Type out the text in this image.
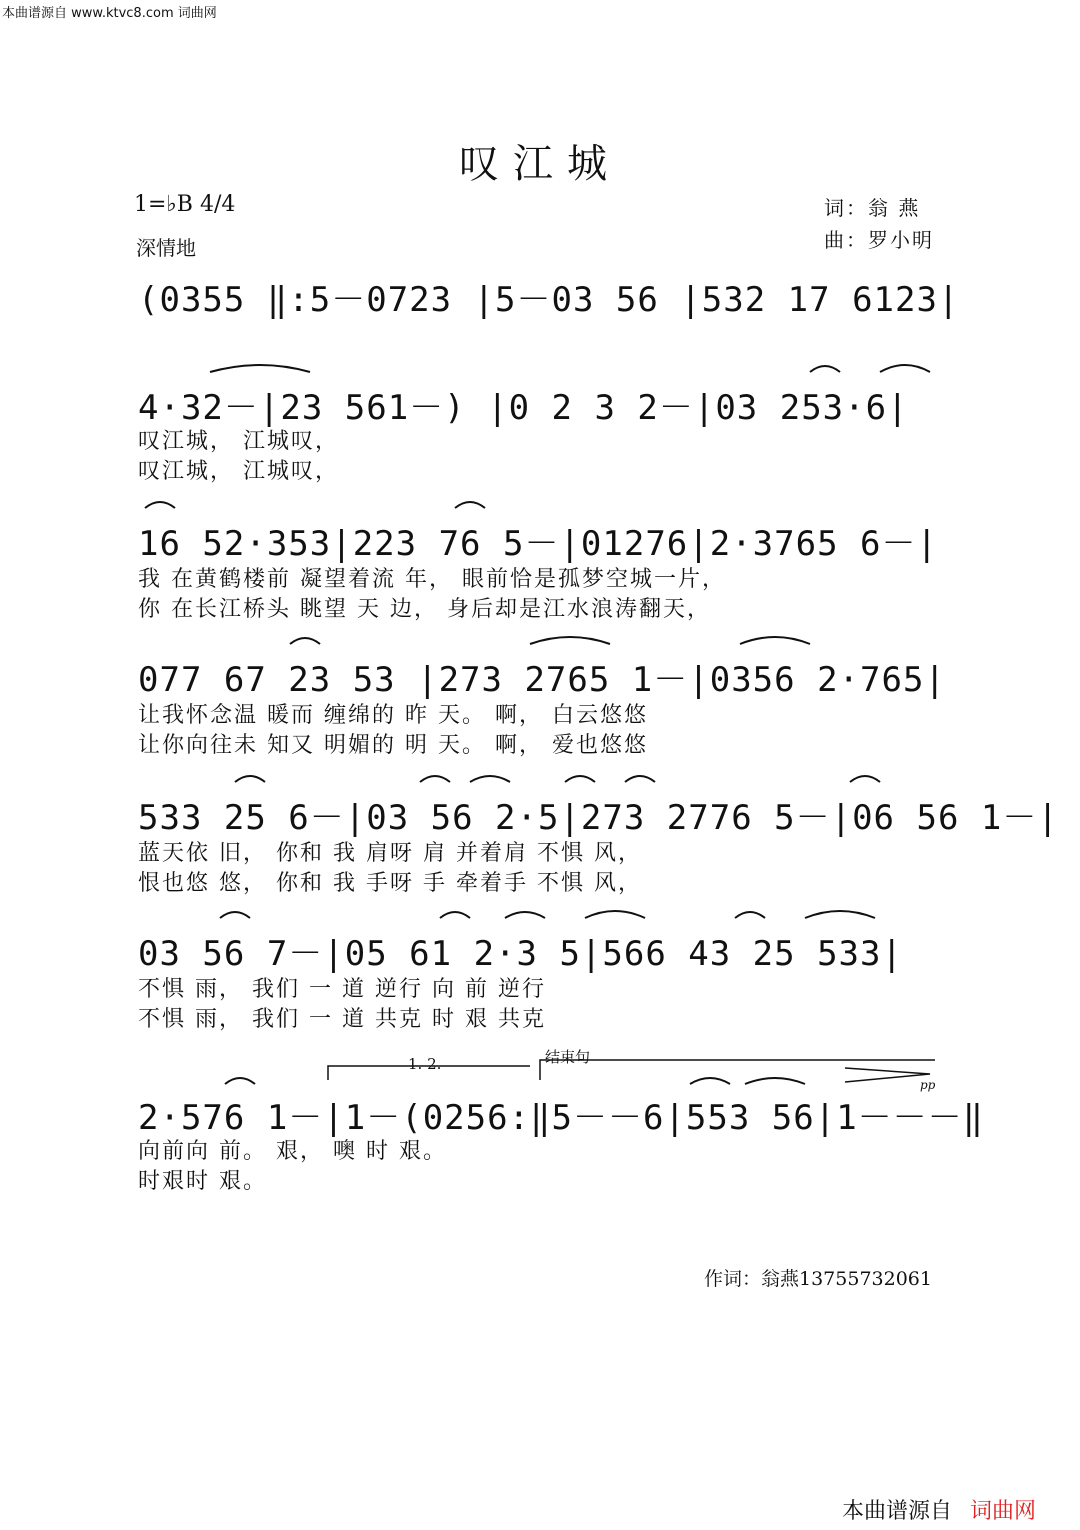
本曲谱源自 www.ktvc8.com 词曲网
叹江城
1=♭B 4/4
深情地
词：翁 燕
曲：罗小明
(0355 ‖:5－0723 |5－03 56 |532 17 6123|
4·32－|23 561－) |0 2 3 2－|03 253·6|
叹江城， 江城叹，
叹江城， 江城叹，
16 52·353|223 76 5－|01276|2·3765 6－|
我 在黄鹤楼前 凝望着流 年， 眼前恰是孤梦空城一片，
你 在长江桥头 眺望 天 边， 身后却是江水浪涛翻天，
077 67 23 53 |273 2765 1－|0356 2·765|
让我怀念温 暖而 缠绵的 昨 天。 啊， 白云悠悠
让你向往未 知又 明媚的 明 天。 啊， 爱也悠悠
533 25 6－|03 56 2·5|273 2776 5－|06 56 1－|
蓝天依 旧， 你和 我 肩呀 肩 并着肩 不惧 风，
恨也悠 悠， 你和 我 手呀 手 牵着手 不惧 风，
03 56 7－|05 61 2·3 5|566 43 25 533|
不惧 雨， 我们 一 道 逆行 向 前 逆行
不惧 雨， 我们 一 道 共克 时 艰 共克
1. 2.	结束句
pp
2·576 1－|1－(0256:‖5－－6|553 56|1－－－‖
向前向 前。 艰， 噢 时 艰。
时艰时 艰。
作词：翁燕13755732061
本曲谱源自 词曲网
